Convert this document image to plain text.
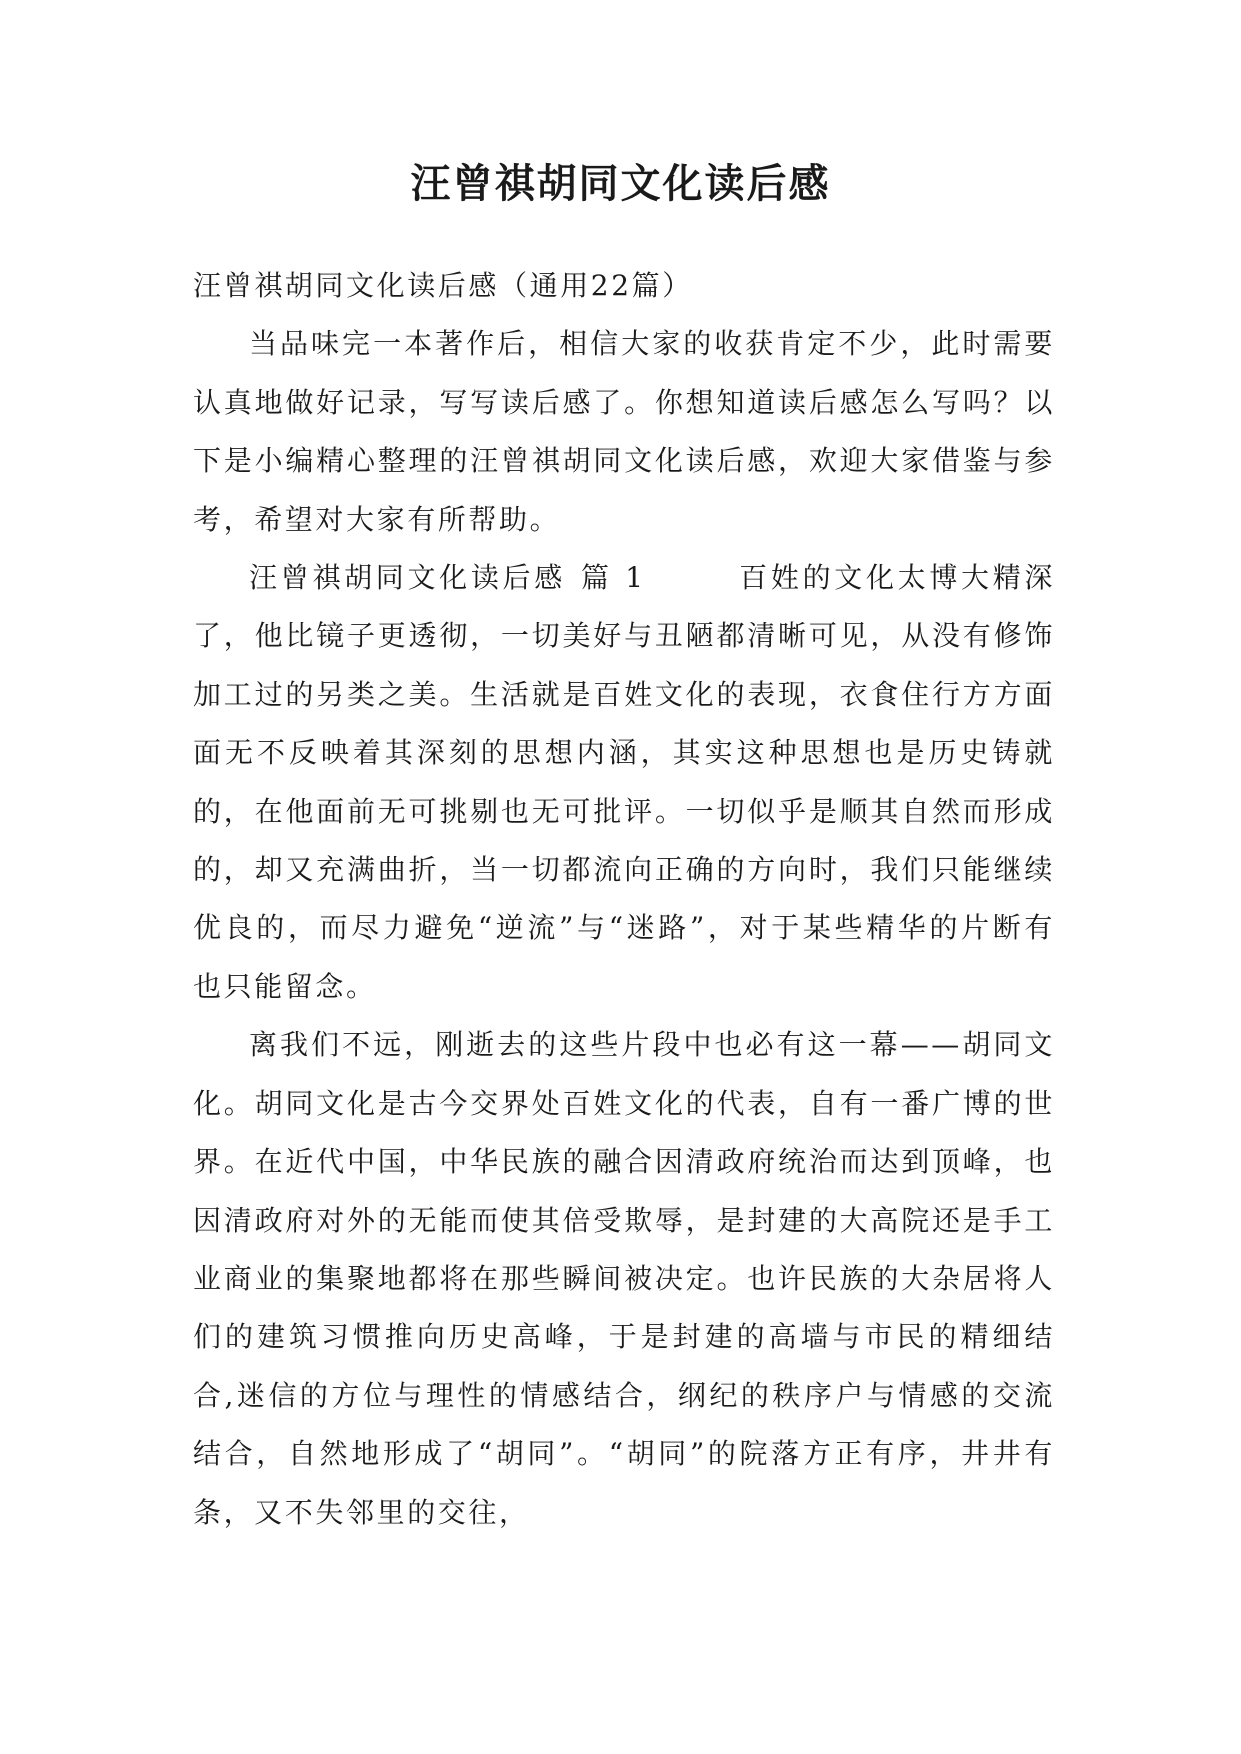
汪曾祺胡同文化读后感

汪曾祺胡同文化读后感（通用22篇）

当品味完一本著作后，相信大家的收获肯定不少，此时需要认真地做好记录，写写读后感了。你想知道读后感怎么写吗？以下是小编精心整理的汪曾祺胡同文化读后感，欢迎大家借鉴与参考，希望对大家有所帮助。

汪曾祺胡同文化读后感 篇 1	百姓的文化太博大精深了，他比镜子更透彻，一切美好与丑陋都清晰可见，从没有修饰加工过的另类之美。生活就是百姓文化的表现，衣食住行方方面面无不反映着其深刻的思想内涵，其实这种思想也是历史铸就的，在他面前无可挑剔也无可批评。一切似乎是顺其自然而形成的，却又充满曲折，当一切都流向正确的方向时，我们只能继续优良的，而尽力避免“逆流”与“迷路”，对于某些精华的片断有也只能留念。

离我们不远，刚逝去的这些片段中也必有这一幕——胡同文化。胡同文化是古今交界处百姓文化的代表，自有一番广博的世界。在近代中国，中华民族的融合因清政府统治而达到顶峰，也因清政府对外的无能而使其倍受欺辱，是封建的大高院还是手工业商业的集聚地都将在那些瞬间被决定。也许民族的大杂居将人们的建筑习惯推向历史高峰，于是封建的高墙与市民的精细结合,迷信的方位与理性的情感结合，纲纪的秩序户与情感的交流结合，自然地形成了“胡同”。“胡同”的院落方正有序，井井有条，又不失邻里的交往，
